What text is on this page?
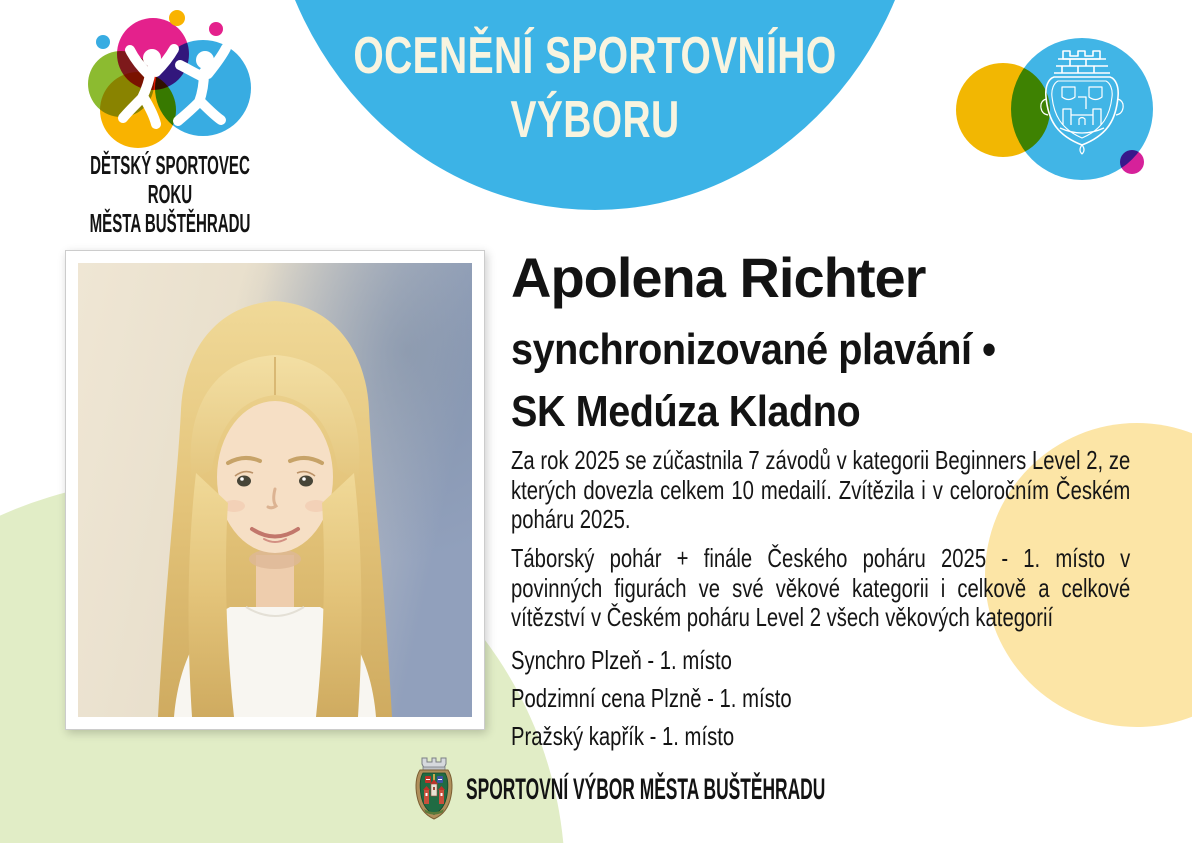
OCENĚNÍ SPORTOVNÍHO
VÝBORU
DĚTSKÝ SPORTOVEC ROKU
MĚSTA BUŠTĚHRADU
Apolena Richter
synchronizované plavání •
SK Medúza Kladno

Za rok 2025 se zúčastnila 7 závodů v kategorii Beginners Level 2, ze kterých dovezla celkem 10 medailí. Zvítězila i v celoročním Českém poháru 2025.

Táborský pohár + finále Českého poháru 2025 - 1. místo v povinných figurách ve své věkové kategorii i celkově a celkové vítězství v Českém poháru Level 2 všech věkových kategorií

Synchro Plzeň - 1. místo
Podzimní cena Plzně - 1. místo
Pražský kapřík - 1. místo
SPORTOVNÍ VÝBOR MĚSTA BUŠTĚHRADU
